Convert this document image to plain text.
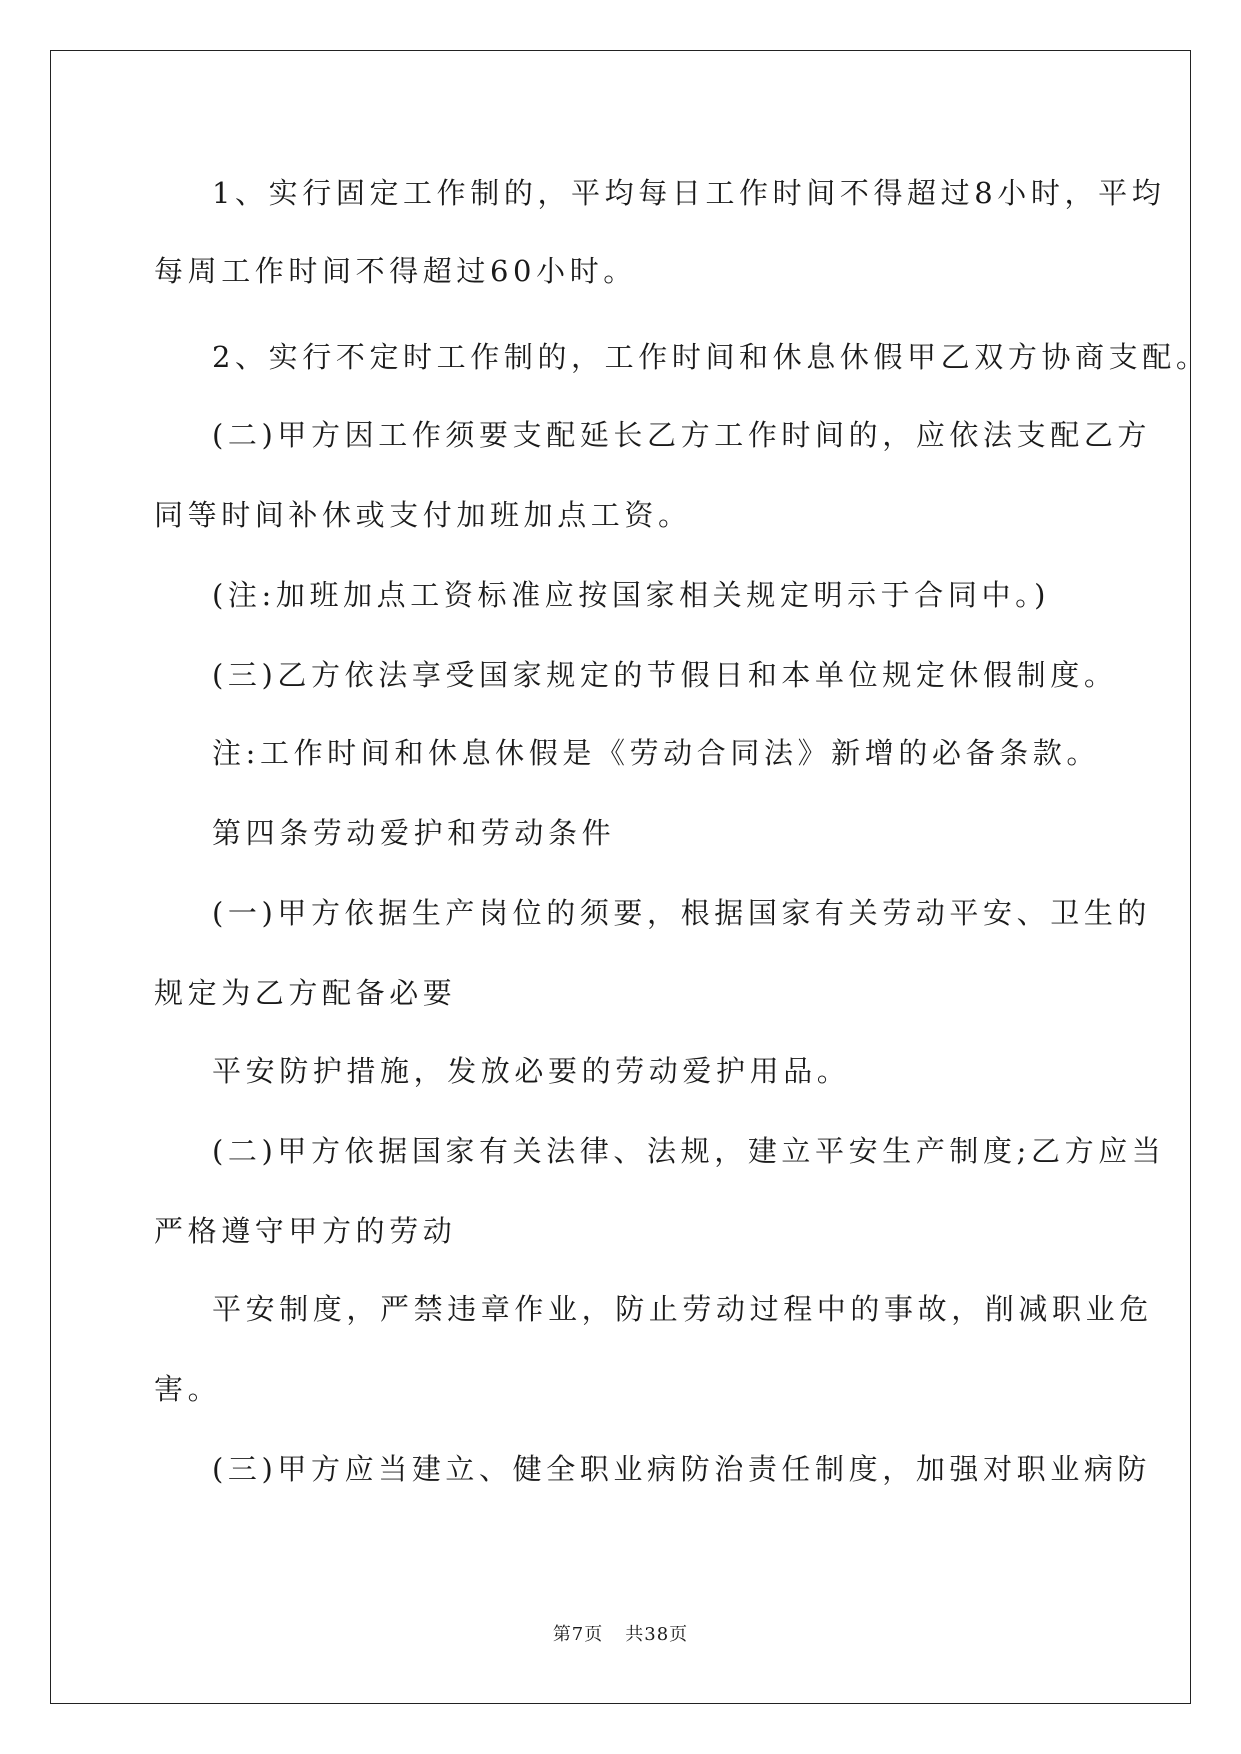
1、实行固定工作制的，平均每日工作时间不得超过8小时，平均

每周工作时间不得超过60小时。

2、实行不定时工作制的，工作时间和休息休假甲乙双方协商支配。

(二)甲方因工作须要支配延长乙方工作时间的，应依法支配乙方

同等时间补休或支付加班加点工资。

(注:加班加点工资标准应按国家相关规定明示于合同中。)

(三)乙方依法享受国家规定的节假日和本单位规定休假制度。

注:工作时间和休息休假是《劳动合同法》新增的必备条款。

第四条劳动爱护和劳动条件

(一)甲方依据生产岗位的须要，根据国家有关劳动平安、卫生的

规定为乙方配备必要

平安防护措施，发放必要的劳动爱护用品。

(二)甲方依据国家有关法律、法规，建立平安生产制度;乙方应当

严格遵守甲方的劳动

平安制度，严禁违章作业，防止劳动过程中的事故，削减职业危

害。

(三)甲方应当建立、健全职业病防治责任制度，加强对职业病防

第7页 共38页
